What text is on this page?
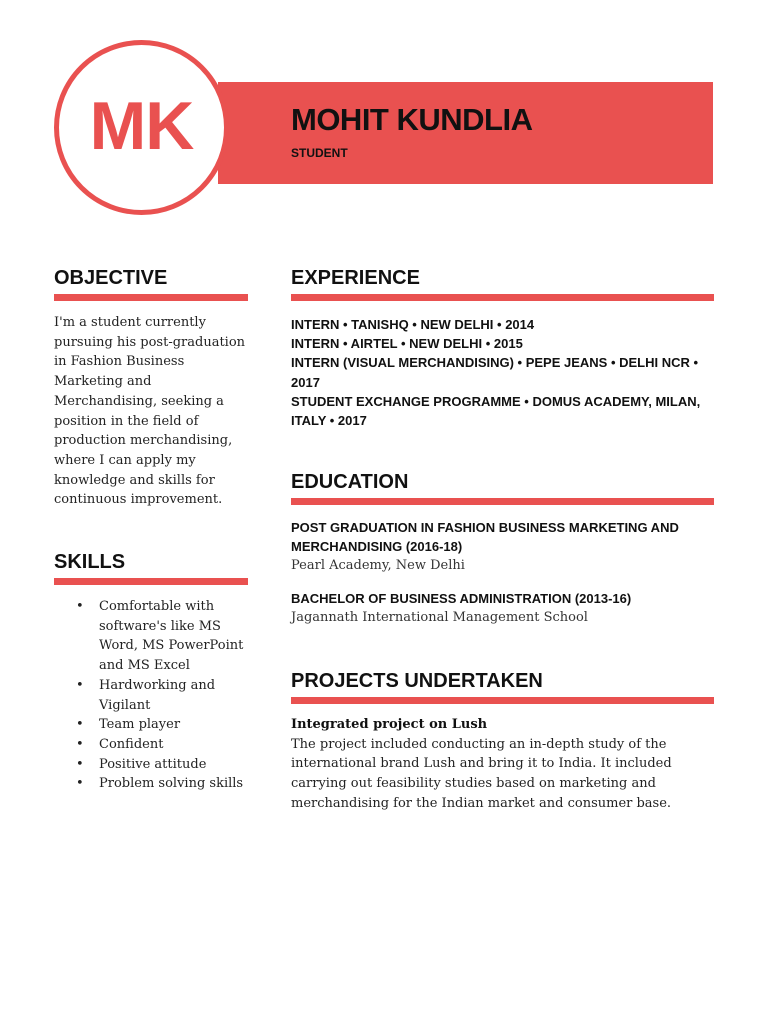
MK	MOHIT KUNDLIA
STUDENT
OBJECTIVE

I'm a student currently pursuing his post-graduation in Fashion Business Marketing and Merchandising, seeking a position in the field of production merchandising, where I can apply my knowledge and skills for continuous improvement.

SKILLS
• Comfortable with software's like MS Word, MS PowerPoint and MS Excel
• Hardworking and Vigilant
• Team player
• Confident
• Positive attitude
• Problem solving skills
EXPERIENCE
INTERN • TANISHQ • NEW DELHI • 2014
INTERN • AIRTEL • NEW DELHI • 2015
INTERN (VISUAL MERCHANDISING) • PEPE JEANS • DELHI NCR • 2017
STUDENT EXCHANGE PROGRAMME • DOMUS ACADEMY, MILAN, ITALY • 2017
EDUCATION
POST GRADUATION IN FASHION BUSINESS MARKETING AND MERCHANDISING (2016-18)
Pearl Academy, New Delhi
BACHELOR OF BUSINESS ADMINISTRATION (2013-16)
Jagannath International Management School
PROJECTS UNDERTAKEN
Integrated project on Lush
The project included conducting an in-depth study of the international brand Lush and bring it to India. It included carrying out feasibility studies based on marketing and merchandising for the Indian market and consumer base.
